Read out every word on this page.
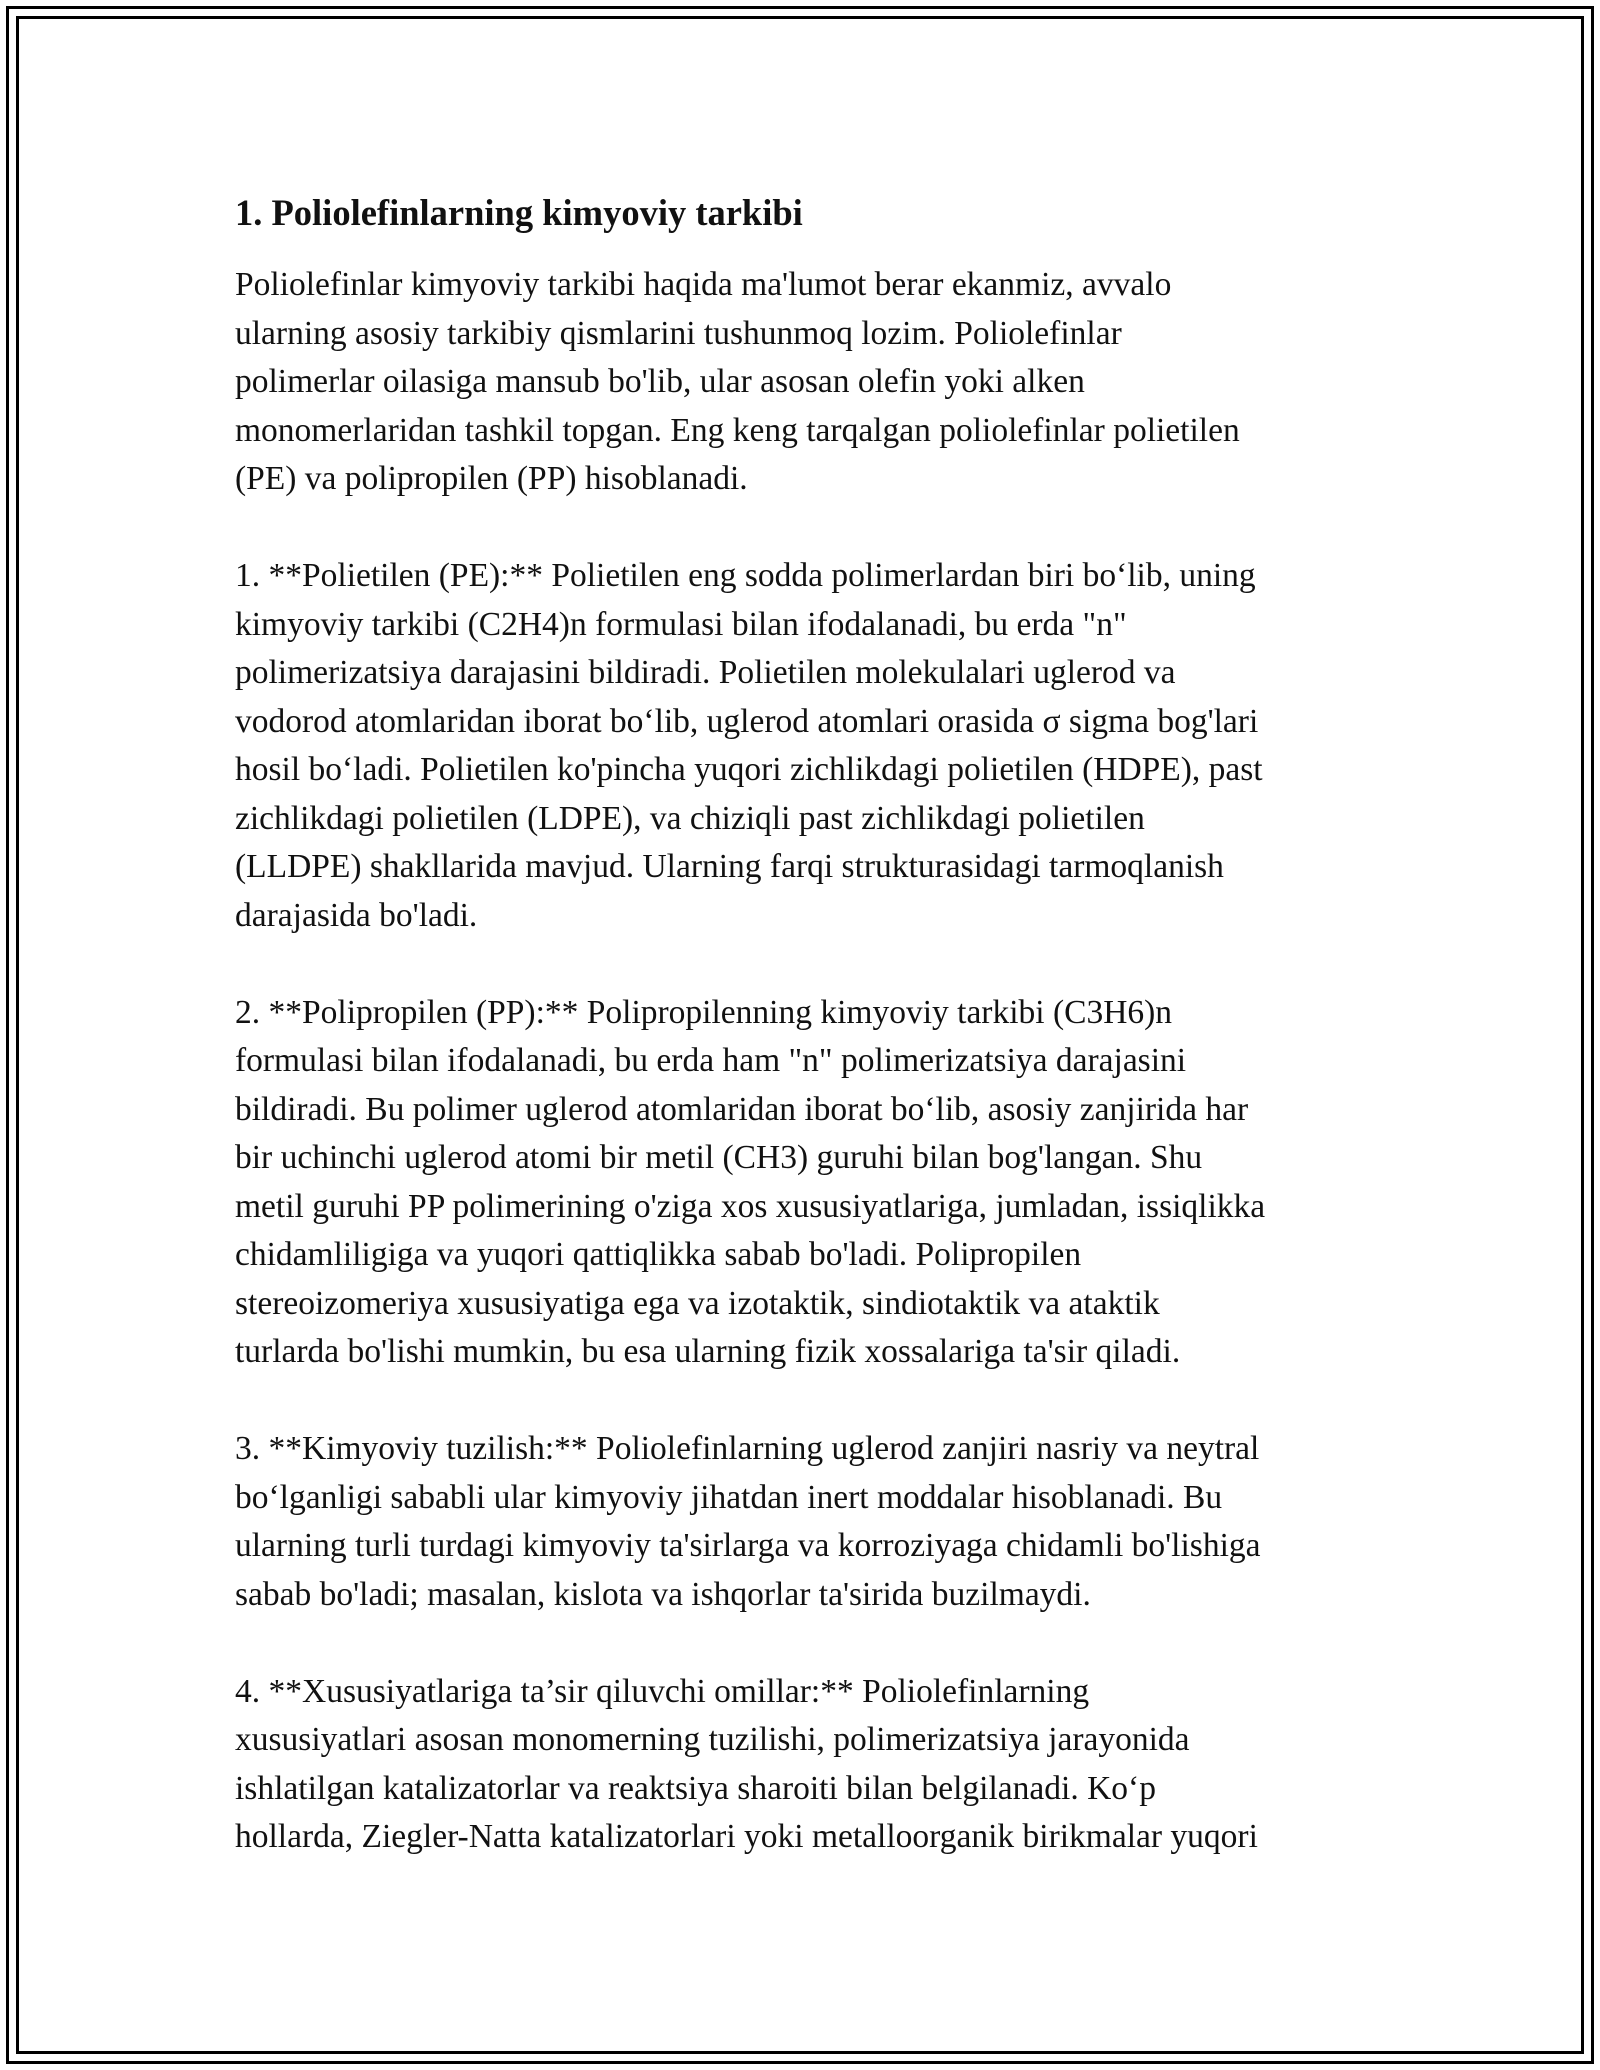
1. Poliolefinlarning kimyoviy tarkibi
Poliolefinlar kimyoviy tarkibi haqida ma'lumot berar ekanmiz, avvalo
ularning asosiy tarkibiy qismlarini tushunmoq lozim. Poliolefinlar
polimerlar oilasiga mansub bo'lib, ular asosan olefin yoki alken
monomerlaridan tashkil topgan. Eng keng tarqalgan poliolefinlar polietilen
(PE) va polipropilen (PP) hisoblanadi.
1. **Polietilen (PE):** Polietilen eng sodda polimerlardan biri bo‘lib, uning
kimyoviy tarkibi (C2H4)n formulasi bilan ifodalanadi, bu erda "n"
polimerizatsiya darajasini bildiradi. Polietilen molekulalari uglerod va
vodorod atomlaridan iborat bo‘lib, uglerod atomlari orasida σ sigma bog'lari
hosil bo‘ladi. Polietilen ko'pincha yuqori zichlikdagi polietilen (HDPE), past
zichlikdagi polietilen (LDPE), va chiziqli past zichlikdagi polietilen
(LLDPE) shakllarida mavjud. Ularning farqi strukturasidagi tarmoqlanish
darajasida bo'ladi.
2. **Polipropilen (PP):** Polipropilenning kimyoviy tarkibi (C3H6)n
formulasi bilan ifodalanadi, bu erda ham "n" polimerizatsiya darajasini
bildiradi. Bu polimer uglerod atomlaridan iborat bo‘lib, asosiy zanjirida har
bir uchinchi uglerod atomi bir metil (CH3) guruhi bilan bog'langan. Shu
metil guruhi PP polimerining o'ziga xos xususiyatlariga, jumladan, issiqlikka
chidamliligiga va yuqori qattiqlikka sabab bo'ladi. Polipropilen
stereoizomeriya xususiyatiga ega va izotaktik, sindiotaktik va ataktik
turlarda bo'lishi mumkin, bu esa ularning fizik xossalariga ta'sir qiladi.
3. **Kimyoviy tuzilish:** Poliolefinlarning uglerod zanjiri nasriy va neytral
bo‘lganligi sababli ular kimyoviy jihatdan inert moddalar hisoblanadi. Bu
ularning turli turdagi kimyoviy ta'sirlarga va korroziyaga chidamli bo'lishiga
sabab bo'ladi; masalan, kislota va ishqorlar ta'sirida buzilmaydi.
4. **Xususiyatlariga ta’sir qiluvchi omillar:** Poliolefinlarning
xususiyatlari asosan monomerning tuzilishi, polimerizatsiya jarayonida
ishlatilgan katalizatorlar va reaktsiya sharoiti bilan belgilanadi. Ko‘p
hollarda, Ziegler-Natta katalizatorlari yoki metalloorganik birikmalar yuqori
